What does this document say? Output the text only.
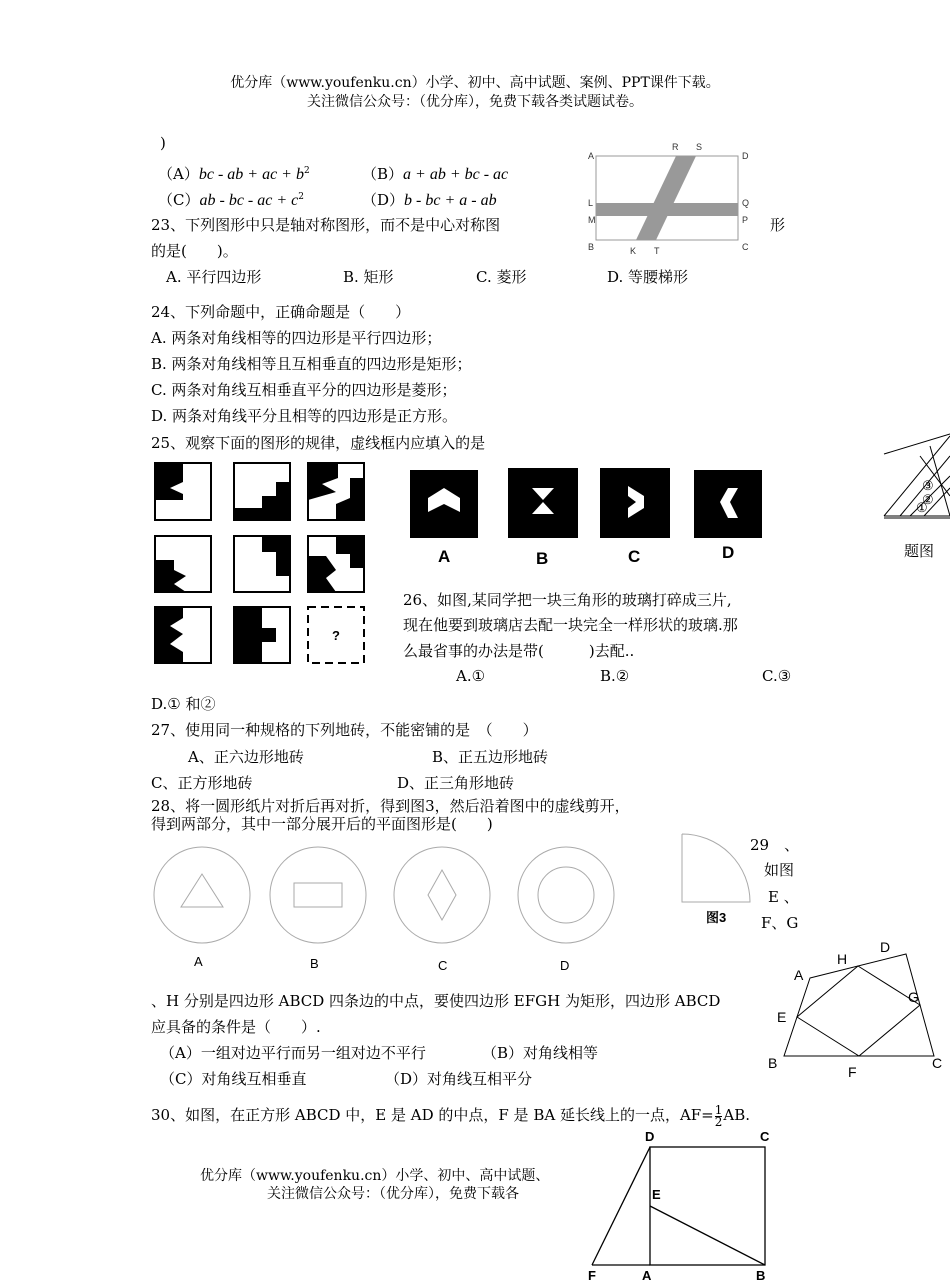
优分库（www.youfenku.cn）小学、初中、高中试题、案例、PPT课件下载。
关注微信公众号：（优分库），免费下载各类试题试卷。
)
（A）bc - ab + ac + $b^2$	（B）a + ab + bc - ac
（C）ab - bc - ac + $c^2$	（D）b - bc + a - ab
A
R S
D
L	Q
M	P
B	K T	C
23、下列图形中只是轴对称图形，而不是中心对称图	形
的是(　　)。
A. 平行四边形	B. 矩形	C. 菱形	D. 等腰梯形
24、下列命题中，正确命题是（　　）
A. 两条对角线相等的四边形是平行四边形；
B. 两条对角线相等且互相垂直的四边形是矩形；
C. 两条对角线互相垂直平分的四边形是菱形；
D. 两条对角线平分且相等的四边形是正方形。
25、观察下面的图形的规律，虚线框内应填入的是
?
A	B	C	D
③
②
①
题图
26、如图,某同学把一块三角形的玻璃打碎成三片,
现在他要到玻璃店去配一块完全一样形状的玻璃.那
么最省事的办法是带(　　　)去配..
A.①	B.②	C.③
D.① 和②
27、使用同一种规格的下列地砖，不能密铺的是　（　　）
A、正六边形地砖	B、正五边形地砖
C、正方形地砖	D、正三角形地砖
28、将一圆形纸片对折后再对折，得到图3，然后沿着图中的虚线剪开，
得到两部分，其中一部分展开后的平面图形是(　　)
A	B	C	D
图3
29　、
如图
E 、
F、G
H
D
A
G
E
B
F
C
、H 分别是四边形 ABCD 四条边的中点，要使四边形 EFGH 为矩形，四边形 ABCD
应具备的条件是（　　）.
（A）一组对边平行而另一组对边不平行	（B）对角线相等
（C）对角线互相垂直	（D）对角线互相平分
30、如图，在正方形 ABCD 中，E 是 AD 的中点，F 是 BA 延长线上的一点，$AF= \frac{1}{2}$ AB.
D	C
E
F	A	B
优分库（www.youfenku.cn）小学、初中、高中试题、
关注微信公众号：（优分库），免费下载各
